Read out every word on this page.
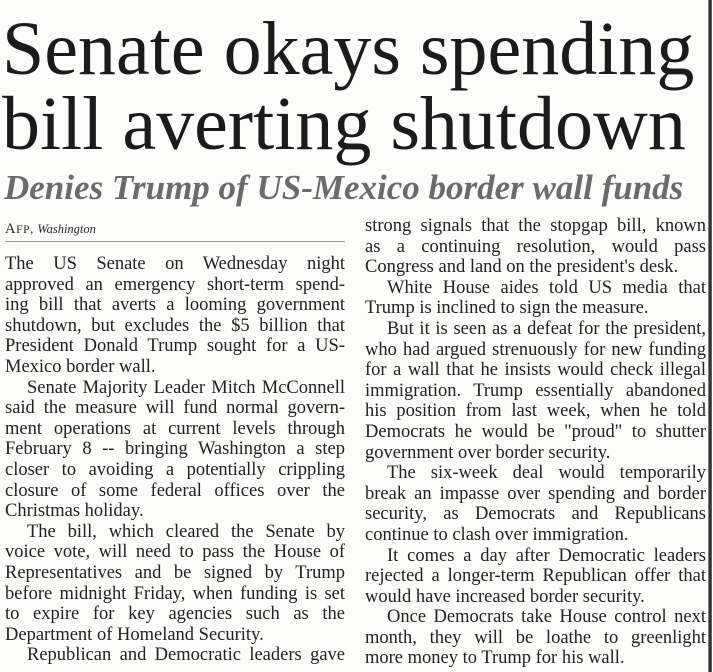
Senate okays spending
bill averting shutdown
Denies Trump of US-Mexico border wall funds
AFP, Washington
The US Senate on Wednesday night
approved an emergency short-term spend-
ing bill that averts a looming government
shutdown, but excludes the $5 billion that
President Donald Trump sought for a US-
Mexico border wall.
Senate Majority Leader Mitch McConnell
said the measure will fund normal govern-
ment operations at current levels through
February 8 -- bringing Washington a step
closer to avoiding a potentially crippling
closure of some federal offices over the
Christmas holiday.
The bill, which cleared the Senate by
voice vote, will need to pass the House of
Representatives and be signed by Trump
before midnight Friday, when funding is set
to expire for key agencies such as the
Department of Homeland Security.
Republican and Democratic leaders gave
strong signals that the stopgap bill, known
as a continuing resolution, would pass
Congress and land on the president's desk.
White House aides told US media that
Trump is inclined to sign the measure.
But it is seen as a defeat for the president,
who had argued strenuously for new funding
for a wall that he insists would check illegal
immigration. Trump essentially abandoned
his position from last week, when he told
Democrats he would be "proud" to shutter
government over border security.
The six-week deal would temporarily
break an impasse over spending and border
security, as Democrats and Republicans
continue to clash over immigration.
It comes a day after Democratic leaders
rejected a longer-term Republican offer that
would have increased border security.
Once Democrats take House control next
month, they will be loathe to greenlight
more money to Trump for his wall.
